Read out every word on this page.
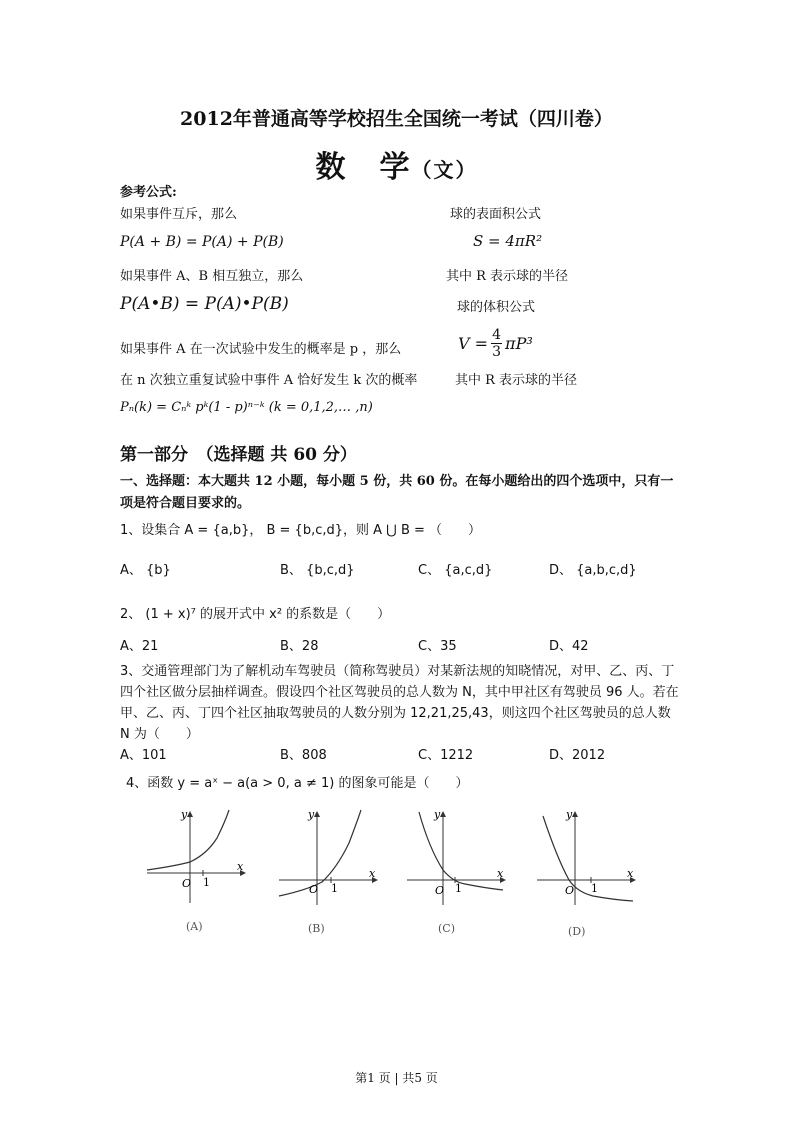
2012年普通高等学校招生全国统一考试（四川卷）
数　学（文）
参考公式:
如果事件互斥，那么
P(A + B) = P(A) + P(B)
如果事件 A、B 相互独立，那么
P(A•B) = P(A)•P(B)
如果事件 A 在一次试验中发生的概率是 p ，那么
在 n 次独立重复试验中事件 A 恰好发生 k 次的概率
Pₙ(k) = Cₙᵏ pᵏ(1 - p)ⁿ⁻ᵏ (k = 0,1,2,… ,n)
球的表面积公式
S = 4πR²
其中 R 表示球的半径
球的体积公式
V = 4
3 πP³
其中 R 表示球的半径
第一部分　（选择题 共 60 分）
一、选择题：本大题共 12 小题，每小题 5 份，共 60 份。在每小题给出的四个选项中，只有一项是符合题目要求的。
1、设集合 A = {a,b}， B = {b,c,d}，则 A ⋃ B = （　　）
A、 {b}	B、 {b,c,d}	C、 {a,c,d}	D、 {a,b,c,d}
2、 (1 + x)⁷ 的展开式中 x² 的系数是（　　）
A、21	B、28	C、35	D、42
3、交通管理部门为了解机动车驾驶员（简称驾驶员）对某新法规的知晓情况，对甲、乙、丙、丁四个社区做分层抽样调查。假设四个社区驾驶员的总人数为 N，其中甲社区有驾驶员 96 人。若在甲、乙、丙、丁四个社区抽取驾驶员的人数分别为 12,21,25,43，则这四个社区驾驶员的总人数 N 为（　　）
A、101	B、808	C、1212	D、2012
4、函数 y = aˣ − a(a > 0, a ≠ 1) 的图象可能是（　　）
O 1
x
y
O 1
x
y
O 1
x
y
O 1
x
y
(A)	(B)	(C)	(D)
第1 页 | 共5 页
